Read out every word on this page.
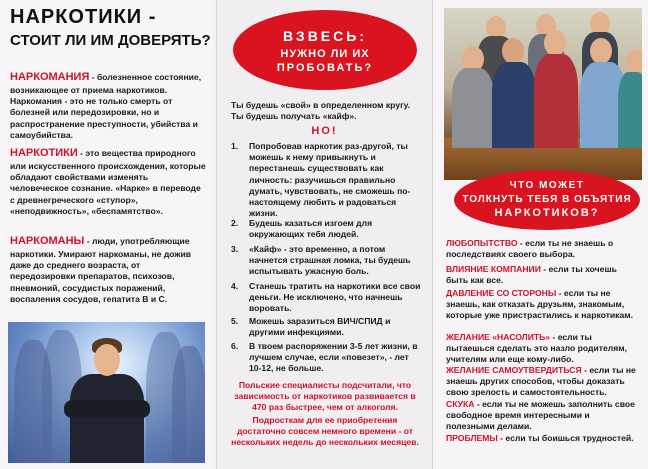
НАРКОТИКИ -
СТОИТ ЛИ ИМ ДОВЕРЯТЬ?
НАРКОМАНИЯ - болезненное состояние, возникающее от приема наркотиков. Наркомания - это не только смерть от болезней или передозировки, но и распространение преступности, убийства и самоубийства.
НАРКОТИКИ - это вещества природного или искусственного происхождения, которые обладают свойствами изменять человеческое сознание. «Нарке» в переводе с древнегреческого «ступор», «неподвижность», «беспамятство».
НАРКОМАНЫ - люди, употребляющие наркотики. Умирают наркоманы, не дожив даже до среднего возраста, от передозировки препаратов, психозов, пневмоний, сосудистых поражений, воспаления сосудов, гепатита В и С.
ВЗВЕСЬ:
НУЖНО ЛИ ИХ
ПРОБОВАТЬ?
Ты будешь «свой» в определенном кругу. Ты будешь получать «кайф».
НО!
1.	Попробовав наркотик раз-другой, ты можешь к нему привыкнуть и перестанешь существовать как личность: разучишься правильно думать, чувствовать, не сможешь по-настоящему любить и радоваться жизни.
2.	Будешь казаться изгоем для окружающих тебя людей.
3.	«Кайф» - это временно, а потом начнется страшная ломка, ты будешь испытывать ужасную боль.
4.	Станешь тратить на наркотики все свои деньги. Не исключено, что начнешь воровать.
5.	Можешь заразиться ВИЧ/СПИД и другими инфекциями.
6.	В твоем распоряжении 3-5 лет жизни, в лучшем случае, если «повезет», - лет 10-12, не больше.
Польские специалисты подсчитали, что зависимость от наркотиков развивается в 470 раз быстрее, чем от алкоголя.
Подросткам для ее приобретения достаточно совсем немного времени - от нескольких недель до нескольких месяцев.
ЧТО МОЖЕТ
ТОЛКНУТЬ ТЕБЯ В ОБЪЯТИЯ
НАРКОТИКОВ?
ЛЮБОПЫТСТВО - если ты не знаешь о последствиях своего выбора.
ВЛИЯНИЕ КОМПАНИИ - если ты хочешь быть как все.
ДАВЛЕНИЕ СО СТОРОНЫ - если ты не знаешь, как отказать друзьям, знакомым, которые уже пристрастились к наркотикам.
ЖЕЛАНИЕ «НАСОЛИТЬ» - если ты пытаешься сделать это назло родителям, учителям или еще кому-либо.
ЖЕЛАНИЕ САМОУТВЕРДИТЬСЯ - если ты не знаешь других способов, чтобы доказать свою зрелость и самостоятельность.
СКУКА - если ты не можешь заполнить свое свободное время интересными и полезными делами.
ПРОБЛЕМЫ - если ты боишься трудностей.
